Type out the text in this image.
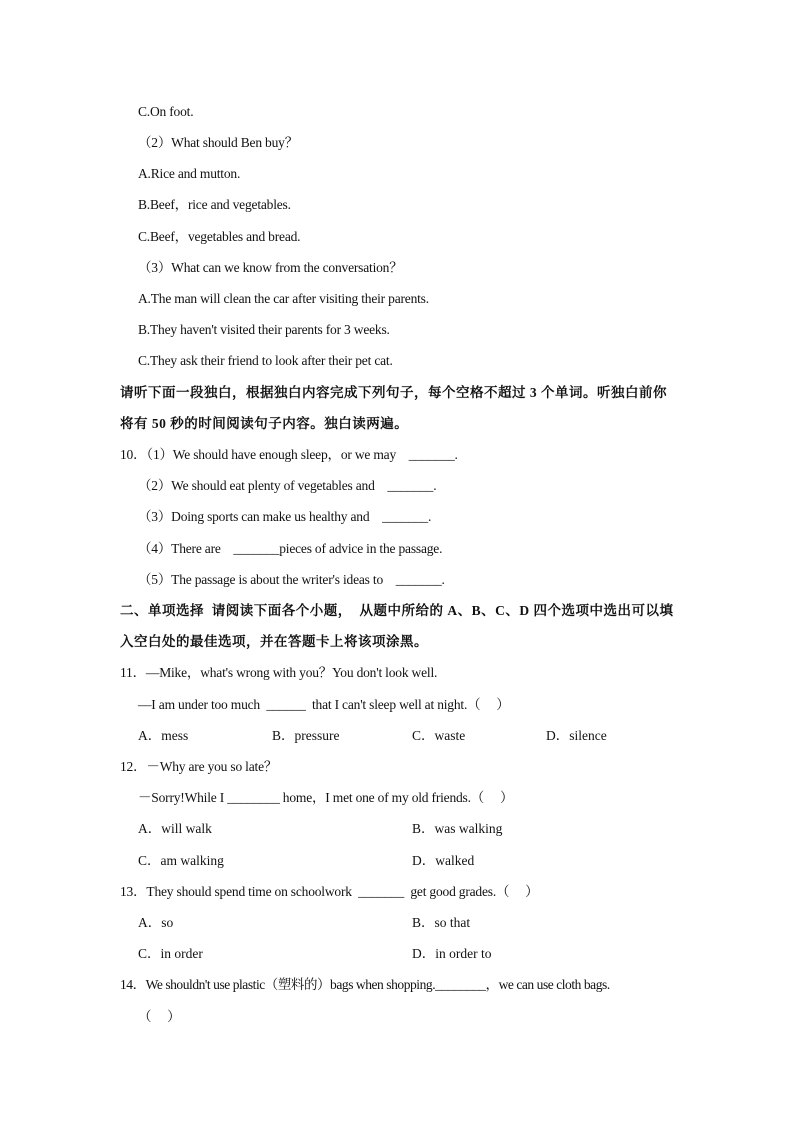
C.On foot.
（2）What should Ben buy？
A.Rice and mutton.
B.Beef，rice and vegetables.
C.Beef，vegetables and bread.
（3）What can we know from the conversation？
A.The man will clean the car after visiting their parents.
B.They haven't visited their parents for 3 weeks.
C.They ask their friend to look after their pet cat.
请听下面一段独白，根据独白内容完成下列句子，每个空格不超过 3 个单词。听独白前你
将有 50 秒的时间阅读句子内容。独白读两遍。
10．（1）We should have enough sleep，or we may    _______.
（2）We should eat plenty of vegetables and    _______.
（3）Doing sports can make us healthy and    _______.
（4）There are    _______pieces of advice in the passage.
（5）The passage is about the writer's ideas to    _______.
二、单项选择  请阅读下面各个小题，  从题中所给的 A、B、C、D 四个选项中选出可以填
入空白处的最佳选项，并在答题卡上将该项涂黑。
11．—Mike，what's wrong with you？You don't look well.
—I am under too much  ______  that I can't sleep well at night.（     ）
A．mess	B．pressure	C．waste	D．silence
12．－Why are you so late？
－Sorry!While I ________ home，I met one of my old friends.（     ）
A．will walk	B．was walking
C．am walking	D．walked
13．They should spend time on schoolwork  _______  get good grades.（     ）
A．so	B．so that
C．in order	D．in order to
14．We shouldn't use plastic（塑料的）bags when shopping.________，we can use cloth bags.
（     ）
